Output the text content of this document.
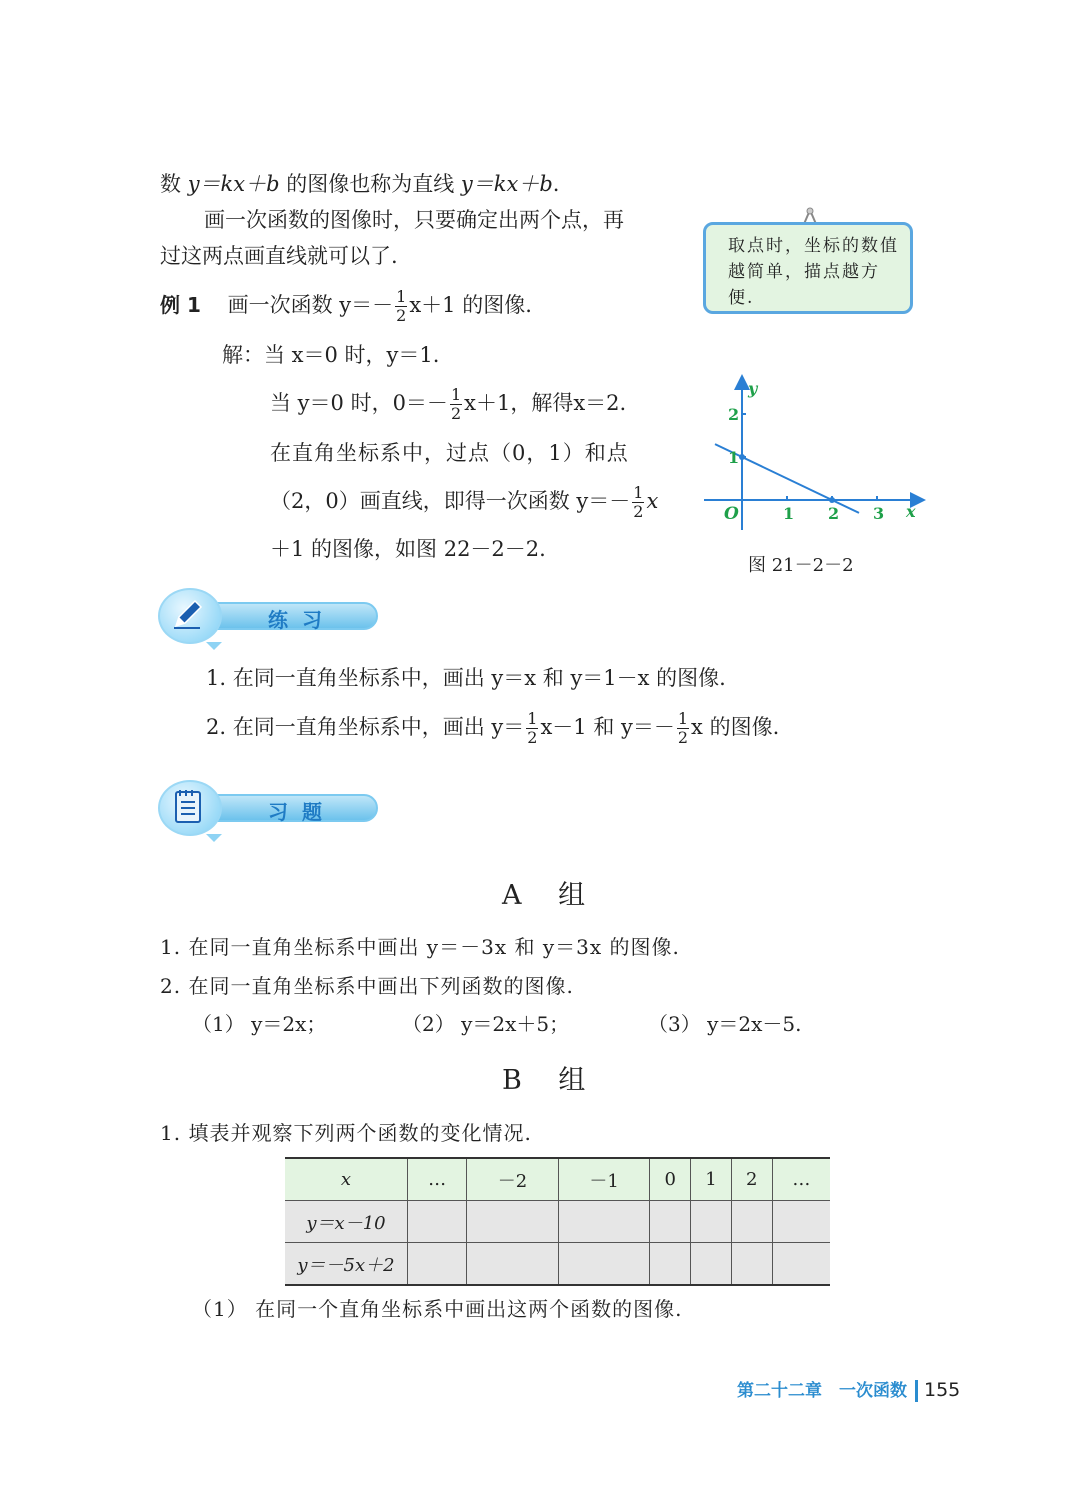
数 y＝kx＋b 的图像也称为直线 y＝kx＋b.
画一次函数的图像时，只要确定出两个点，再
过这两点画直线就可以了.	取点时，坐标的数值越简单，描点越方便.
例 1 画一次函数 $y=- \frac{1}{2} x+1$ 的图像.
解：当 x＝0 时，y＝1.
当 y＝0 时，$0=- \frac{1}{2} x+1$，解得x＝2.
在直角坐标系中，过点（0，1）和点
（2，0）画直线，即得一次函数 $y=- \frac{1}{2}$ x
＋1 的图像，如图 22－2－2.
1 2 3
1
2
O	x
y
图 21－2－2
练习
1. 在同一直角坐标系中，画出 y＝x 和 y＝1－x 的图像.
2. 在同一直角坐标系中，画出 $y= \frac{1}{2} x-1$ 和 $y=- \frac{1}{2}$ x 的图像.
习题
A 组
1. 在同一直角坐标系中画出 y＝－3x 和 y＝3x 的图像.
2. 在同一直角坐标系中画出下列函数的图像.
（1） y＝2x；	（2） y＝2x＋5；	（3） y＝2x－5.
B 组
1. 填表并观察下列两个函数的变化情况.
x	…	－2	－1	0	1	2	…
y＝x－10							
y＝－5x＋2							
（1） 在同一个直角坐标系中画出这两个函数的图像.
第二十二章　一次函数 155
